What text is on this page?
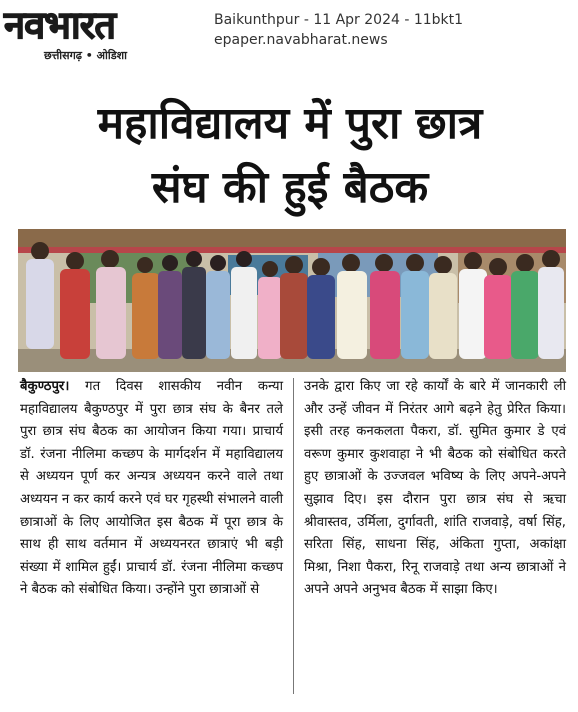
नवभारत
छत्तीसगढ़ • ओडिशा
Baikunthpur - 11 Apr 2024 - 11bkt1
epaper.navabharat.news
महाविद्यालय में पुरा छात्र
संघ की हुई बैठक
बैकुण्ठपुर। गत दिवस शासकीय नवीन कन्या महाविद्यालय बैकुण्ठपुर में पुरा छात्र संघ के बैनर तले पुरा छात्र संघ बैठक का आयोजन किया गया। प्राचार्य डॉ. रंजना नीलिमा कच्छप के मार्गदर्शन में महाविद्यालय से अध्ययन पूर्ण कर अन्यत्र अध्ययन करने वाले तथा अध्ययन न कर कार्य करने एवं घर गृहस्थी संभालने वाली छात्राओं के लिए आयोजित इस बैठक में पूरा छात्र के साथ ही साथ वर्तमान में अध्ययनरत छात्राएं भी बड़ी संख्या में शामिल हुईं। प्राचार्य डॉ. रंजना नीलिमा कच्छप ने बैठक को संबोधित किया। उन्होंने पुरा छात्राओं से
उनके द्वारा किए जा रहे कार्यों के बारे में जानकारी ली और उन्हें जीवन में निरंतर आगे बढ़ने हेतु प्रेरित किया। इसी तरह कनकलता पैकरा, डॉ. सुमित कुमार डे एवं वरूण कुमार कुशवाहा ने भी बैठक को संबोधित करते हुए छात्राओं के उज्जवल भविष्य के लिए अपने-अपने सुझाव दिए। इस दौरान पुरा छात्र संघ से ऋचा श्रीवास्तव, उर्मिला, दुर्गावती, शांति राजवाड़े, वर्षा सिंह, सरिता सिंह, साधना सिंह, अंकिता गुप्ता, अकांक्षा मिश्रा, निशा पैकरा, रिनू राजवाड़े तथा अन्य छात्राओं ने अपने अपने अनुभव बैठक में साझा किए।
